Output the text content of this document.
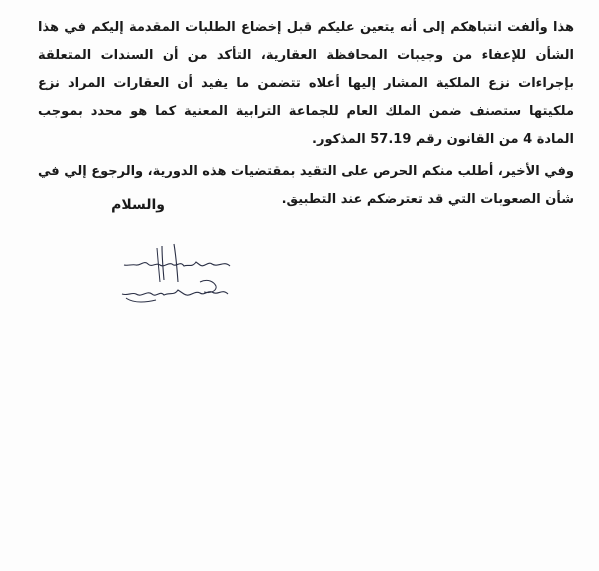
هذا وألفت انتباهكم إلى أنه يتعين عليكم قبل إخضاع الطلبات المقدمة إليكم في هذا الشأن للإعفاء من وجيبات المحافظة العقارية، التأكد من أن السندات المتعلقة بإجراءات نزع الملكية المشار إليها أعلاه تتضمن ما يفيد أن العقارات المراد نزع ملكيتها ستصنف ضمن الملك العام للجماعة الترابية المعنية كما هو محدد بموجب المادة 4 من القانون رقم 57.19 المذكور.

وفي الأخير، أطلب منكم الحرص على التقيد بمقتضيات هذه الدورية، والرجوع إلي في شأن الصعوبات التي قد تعترضكم عند التطبيق.

والسلام
